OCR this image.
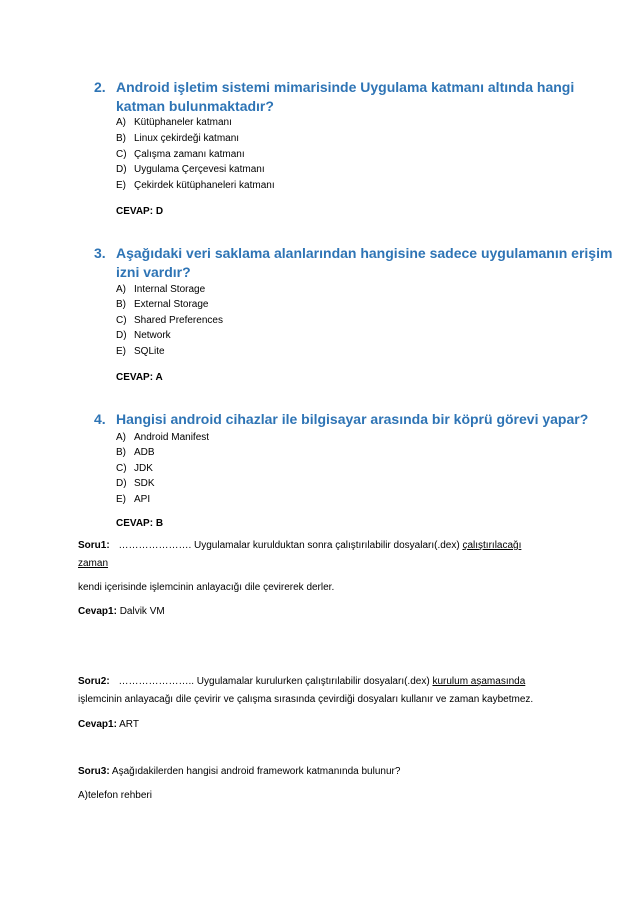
2. Android işletim sistemi mimarisinde Uygulama katmanı altında hangi
katman bulunmaktadır?
A) Kütüphaneler katmanı
B) Linux çekirdeği katmanı
C) Çalışma zamanı katmanı
D) Uygulama Çerçevesi katmanı
E) Çekirdek kütüphaneleri katmanı
CEVAP: D
3. Aşağıdaki veri saklama alanlarından hangisine sadece uygulamanın erişim
izni vardır?
A) Internal Storage
B) External Storage
C) Shared Preferences
D) Network
E) SQLite
CEVAP: A
4. Hangisi android cihazlar ile bilgisayar arasında bir köprü görevi yapar?
A) Android Manifest
B) ADB
C) JDK
D) SDK
E) API
CEVAP: B
Soru1: …………………. Uygulamalar kurulduktan sonra çalıştırılabilir dosyaları(.dex) çalıştırılacağı
zaman
kendi içerisinde işlemcinin anlayacığı dile çevirerek derler.
Cevap1: Dalvik VM
Soru2: ………………….. Uygulamalar kurulurken çalıştırılabilir dosyaları(.dex) kurulum aşamasında
işlemcinin anlayacağı dile çevirir ve çalışma sırasında çevirdiği dosyaları kullanır ve zaman kaybetmez.
Cevap1: ART
Soru3: Aşağıdakilerden hangisi android framework katmanında bulunur?
A)telefon rehberi
